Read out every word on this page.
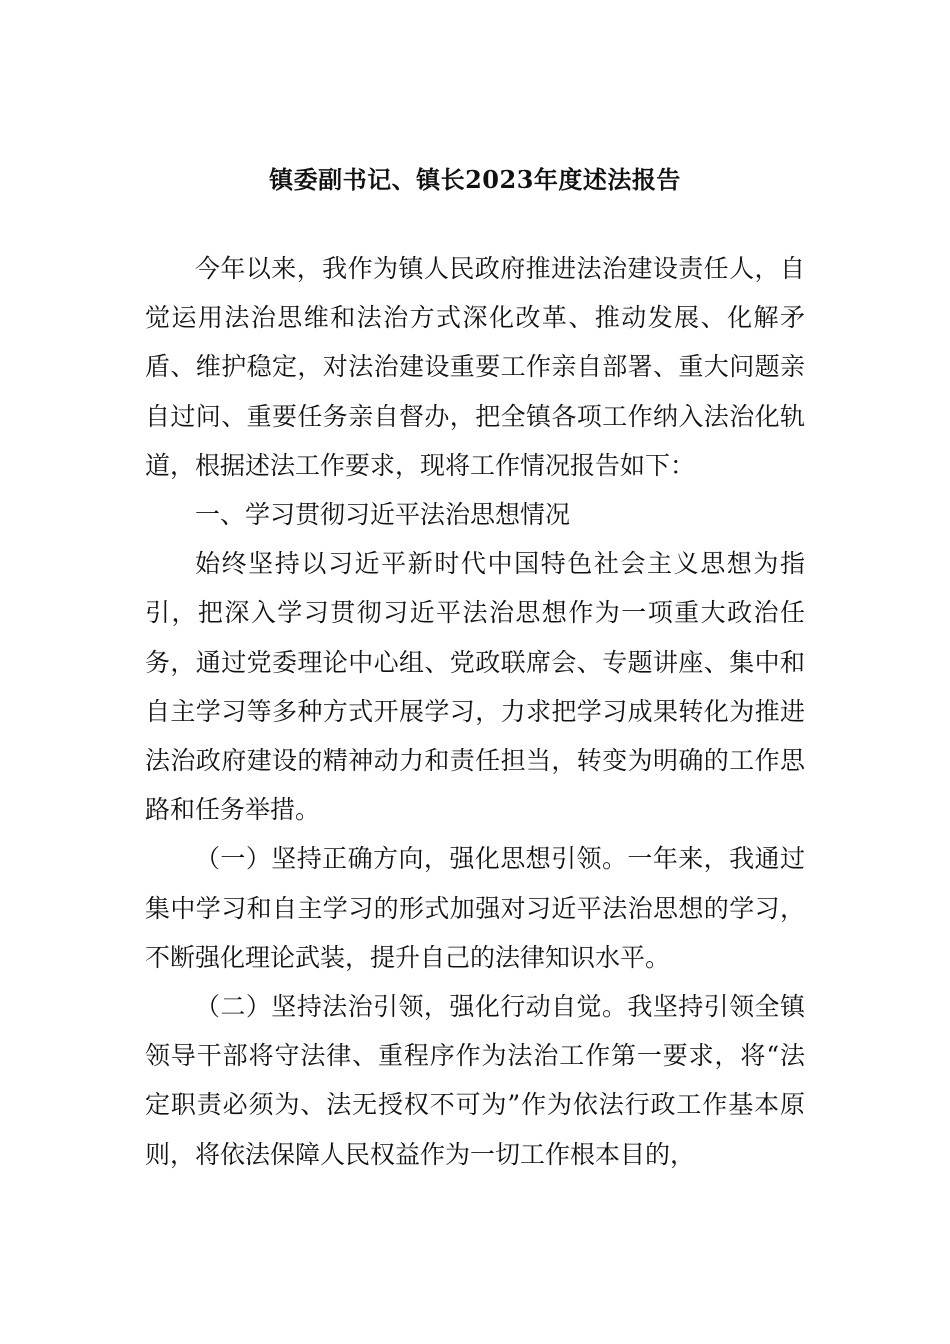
镇委副书记、镇长2023年度述法报告

今年以来，我作为镇人民政府推进法治建设责任人，自觉运用法治思维和法治方式深化改革、推动发展、化解矛盾、维护稳定，对法治建设重要工作亲自部署、重大问题亲自过问、重要任务亲自督办，把全镇各项工作纳入法治化轨道，根据述法工作要求，现将工作情况报告如下：

一、学习贯彻习近平法治思想情况

始终坚持以习近平新时代中国特色社会主义思想为指引，把深入学习贯彻习近平法治思想作为一项重大政治任务，通过党委理论中心组、党政联席会、专题讲座、集中和自主学习等多种方式开展学习，力求把学习成果转化为推进法治政府建设的精神动力和责任担当，转变为明确的工作思路和任务举措。

（一）坚持正确方向，强化思想引领。一年来，我通过集中学习和自主学习的形式加强对习近平法治思想的学习，不断强化理论武装，提升自己的法律知识水平。

（二）坚持法治引领，强化行动自觉。我坚持引领全镇领导干部将守法律、重程序作为法治工作第一要求，将“法定职责必须为、法无授权不可为”作为依法行政工作基本原则，将依法保障人民权益作为一切工作根本目的，
